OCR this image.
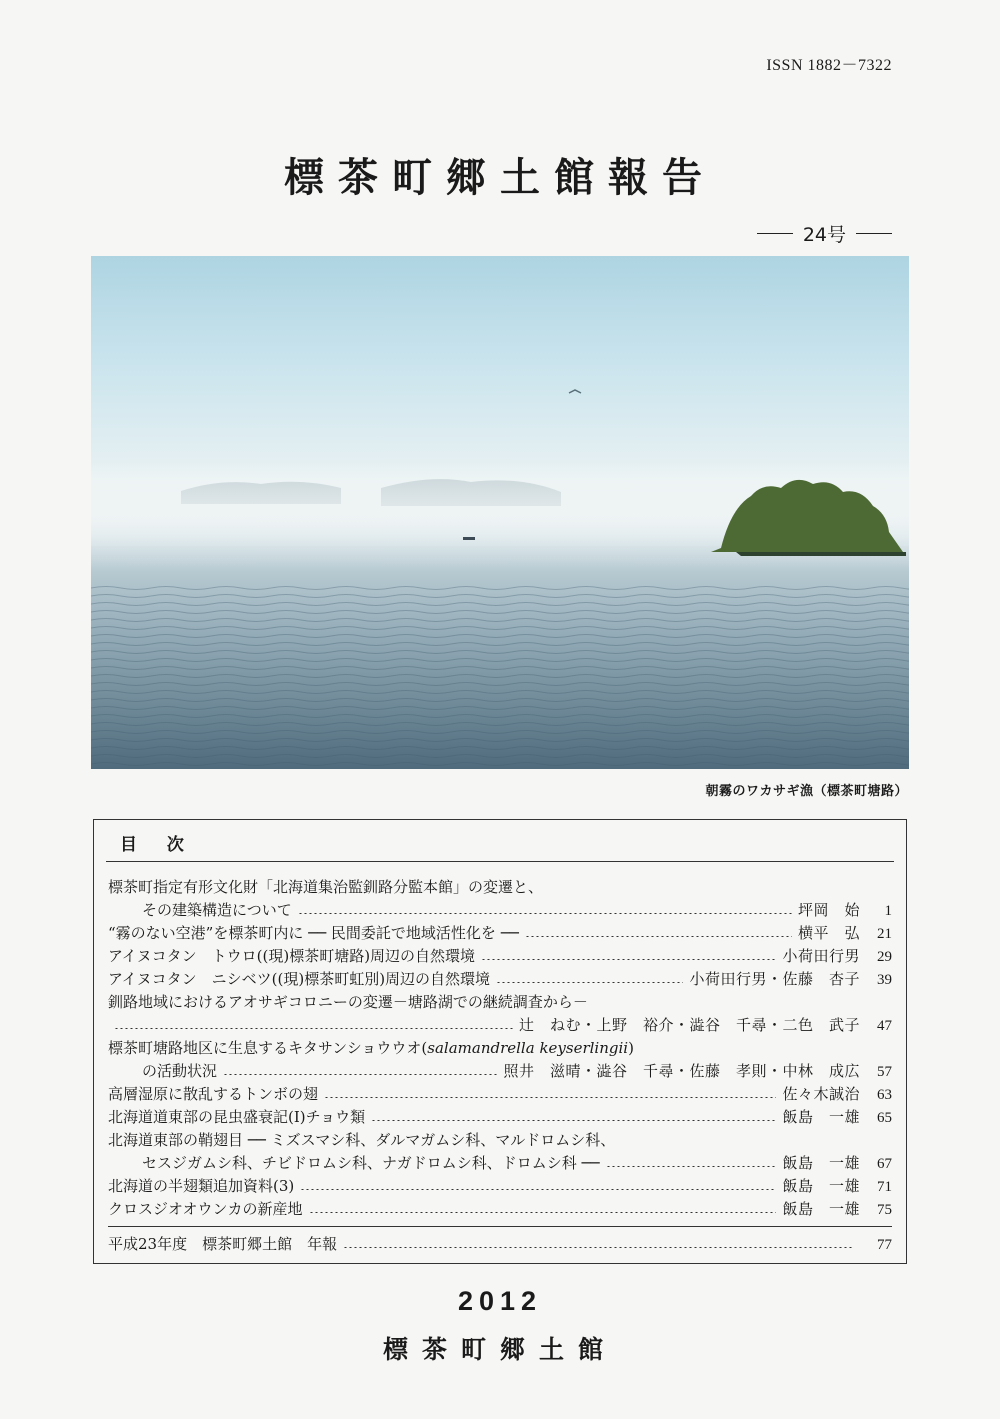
ISSN 1882－7322
標茶町郷土館報告
24号
朝霧のワカサギ漁（標茶町塘路）
目 次
標茶町指定有形文化財「北海道集治監釧路分監本館」の変遷と、
その建築構造について	坪岡　始	1
“霧のない空港”を標茶町内に ── 民間委託で地域活性化を ──	横平　弘	21
アイヌコタン　トウロ((現)標茶町塘路)周辺の自然環境	小荷田行男	29
アイヌコタン　ニシベツ((現)標茶町虹別)周辺の自然環境	小荷田行男・佐藤　杏子	39
釧路地域におけるアオサギコロニーの変遷－塘路湖での継続調査から－
辻　ねむ・上野　裕介・澁谷　千尋・二色　武子	47
標茶町塘路地区に生息するキタサンショウウオ(salamandrella keyserlingii)
の活動状況	照井　滋晴・澁谷　千尋・佐藤　孝則・中林　成広	57
高層湿原に散乱するトンボの翅	佐々木誠治	63
北海道道東部の昆虫盛衰記(Ⅰ)チョウ類	飯島　一雄	65
北海道東部の鞘翅目 ── ミズスマシ科、ダルマガムシ科、マルドロムシ科、
セスジガムシ科、チビドロムシ科、ナガドロムシ科、ドロムシ科 ──	飯島　一雄	67
北海道の半翅類追加資料(3)	飯島　一雄	71
クロスジオオウンカの新産地	飯島　一雄	75
平成23年度　標茶町郷土館　年報	77
2012
標茶町郷土館
